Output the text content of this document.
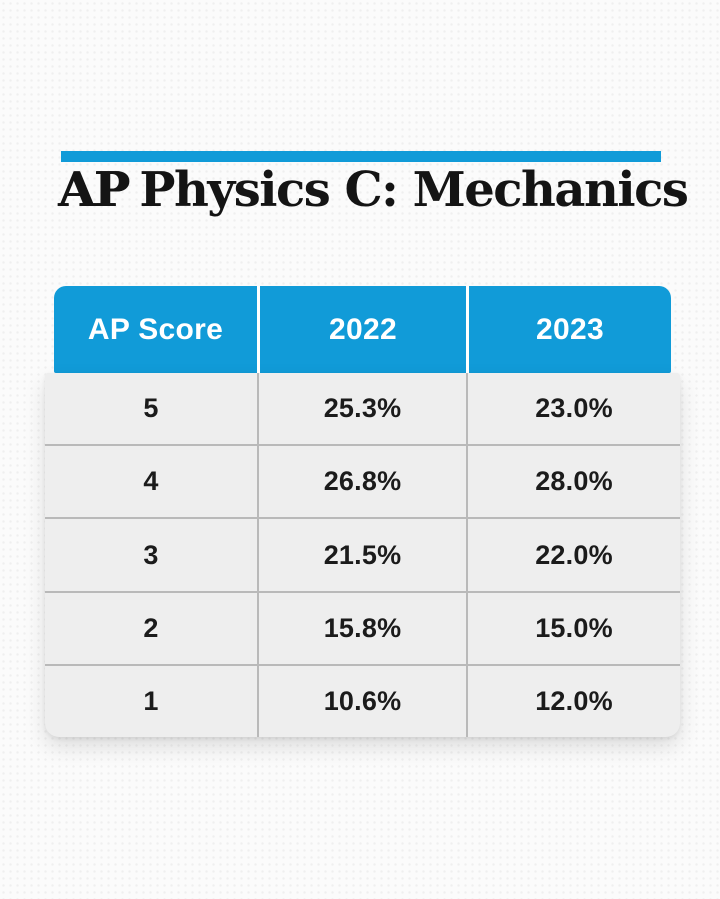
AP Physics C: Mechanics
AP Score	2022	2023
5	25.3%	23.0%
4	26.8%	28.0%
3	21.5%	22.0%
2	15.8%	15.0%
1	10.6%	12.0%
